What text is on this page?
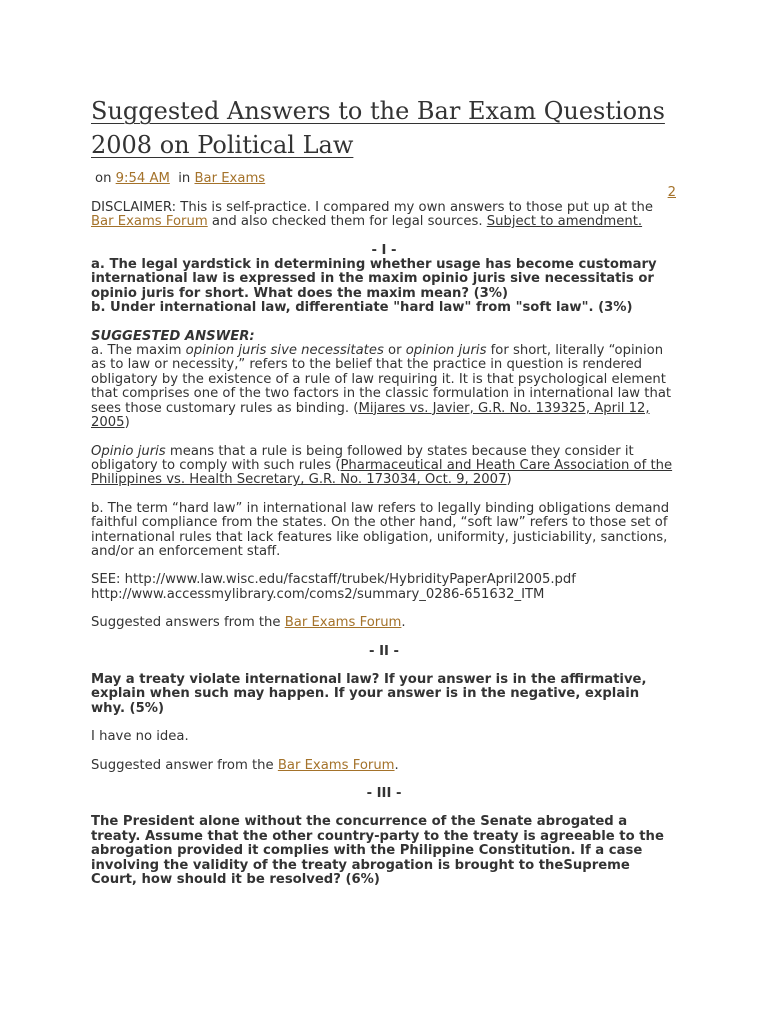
Suggested Answers to the Bar Exam Questions 2008 on Political Law
on 9:54 AM in Bar Exams
2

DISCLAIMER: This is self-practice. I compared my own answers to those put up at the Bar Exams Forum and also checked them for legal sources. Subject to amendment.

- I -
a. The legal yardstick in determining whether usage has become customary international law is expressed in the maxim opinio juris sive necessitatis or opinio juris for short. What does the maxim mean? (3%)

b. Under international law, differentiate "hard law" from "soft law". (3%)

SUGGESTED ANSWER:

a. The maxim opinion juris sive necessitates or opinion juris for short, literally “opinion as to law or necessity,” refers to the belief that the practice in question is rendered obligatory by the existence of a rule of law requiring it. It is that psychological element that comprises one of the two factors in the classic formulation in international law that sees those customary rules as binding. (Mijares vs. Javier, G.R. No. 139325, April 12, 2005)

Opinio juris means that a rule is being followed by states because they consider it obligatory to comply with such rules (Pharmaceutical and Heath Care Association of the Philippines vs. Health Secretary, G.R. No. 173034, Oct. 9, 2007)

b. The term “hard law” in international law refers to legally binding obligations demand faithful compliance from the states. On the other hand, “soft law” refers to those set of international rules that lack features like obligation, uniformity, justiciability, sanctions, and/or an enforcement staff.

SEE: http://www.law.wisc.edu/facstaff/trubek/HybridityPaperApril2005.pdf
http://www.accessmylibrary.com/coms2/summary_0286-651632_ITM

Suggested answers from the Bar Exams Forum.

- II -

May a treaty violate international law? If your answer is in the affirmative, explain when such may happen. If your answer is in the negative, explain why. (5%)

I have no idea.

Suggested answer from the Bar Exams Forum.

- III -

The President alone without the concurrence of the Senate abrogated a treaty. Assume that the other country-party to the treaty is agreeable to the abrogation provided it complies with the Philippine Constitution. If a case involving the validity of the treaty abrogation is brought to theSupreme Court, how should it be resolved? (6%)
